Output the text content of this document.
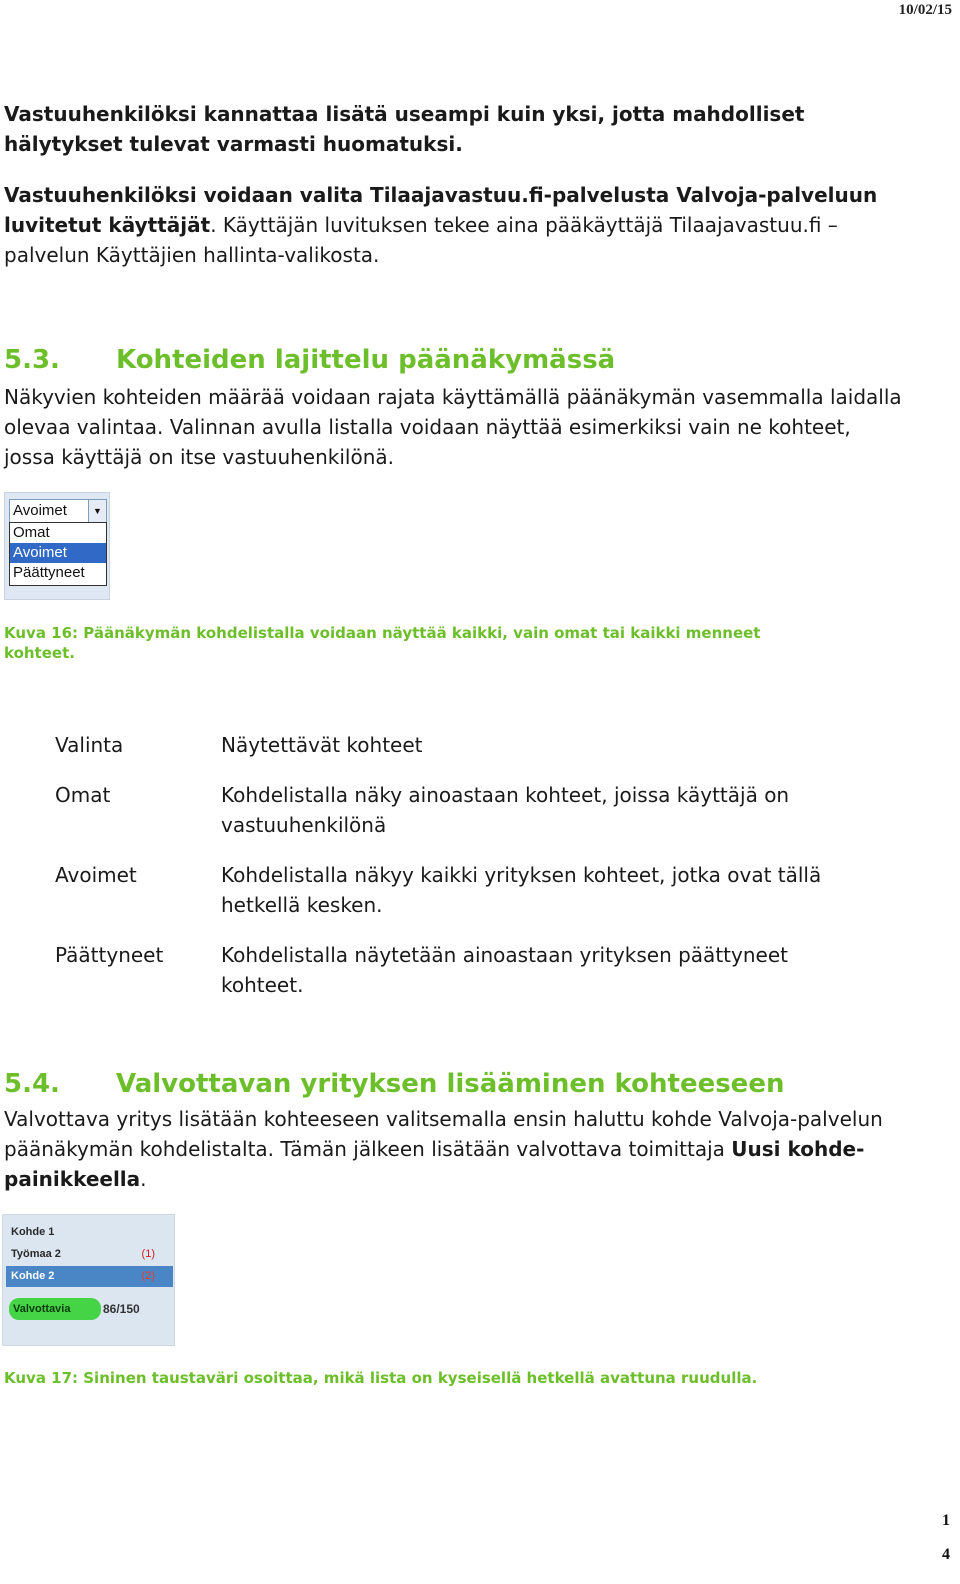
10/02/15

Vastuuhenkilöksi kannattaa lisätä useampi kuin yksi, jotta mahdolliset hälytykset tulevat varmasti huomatuksi.

Vastuuhenkilöksi voidaan valita Tilaajavastuu.fi-palvelusta Valvoja-palveluun luvitetut käyttäjät. Käyttäjän luvituksen tekee aina pääkäyttäjä Tilaajavastuu.fi –palvelun Käyttäjien hallinta-valikosta.

5.3. Kohteiden lajittelu päänäkymässä

Näkyvien kohteiden määrää voidaan rajata käyttämällä päänäkymän vasemmalla laidalla olevaa valintaa. Valinnan avulla listalla voidaan näyttää esimerkiksi vain ne kohteet, jossa käyttäjä on itse vastuuhenkilönä.

Avoimet	▼
Omat
Avoimet
Päättyneet

Kuva 16: Päänäkymän kohdelistalla voidaan näyttää kaikki, vain omat tai kaikki menneet kohteet.

Valinta	Näytettävät kohteet
Omat	Kohdelistalla näky ainoastaan kohteet, joissa käyttäjä on vastuuhenkilönä
Avoimet	Kohdelistalla näkyy kaikki yrityksen kohteet, jotka ovat tällä hetkellä kesken.
Päättyneet	Kohdelistalla näytetään ainoastaan yrityksen päättyneet kohteet.
5.4. Valvottavan yrityksen lisääminen kohteeseen

Valvottava yritys lisätään kohteeseen valitsemalla ensin haluttu kohde Valvoja-palvelun päänäkymän kohdelistalta. Tämän jälkeen lisätään valvottava toimittaja Uusi kohde-painikkeella.

Kohde 1
Työmaa 2	(1)
Kohde 2	(2)
Valvottavia	86/150

Kuva 17: Sininen taustaväri osoittaa, mikä lista on kyseisellä hetkellä avattuna ruudulla.

1
4
